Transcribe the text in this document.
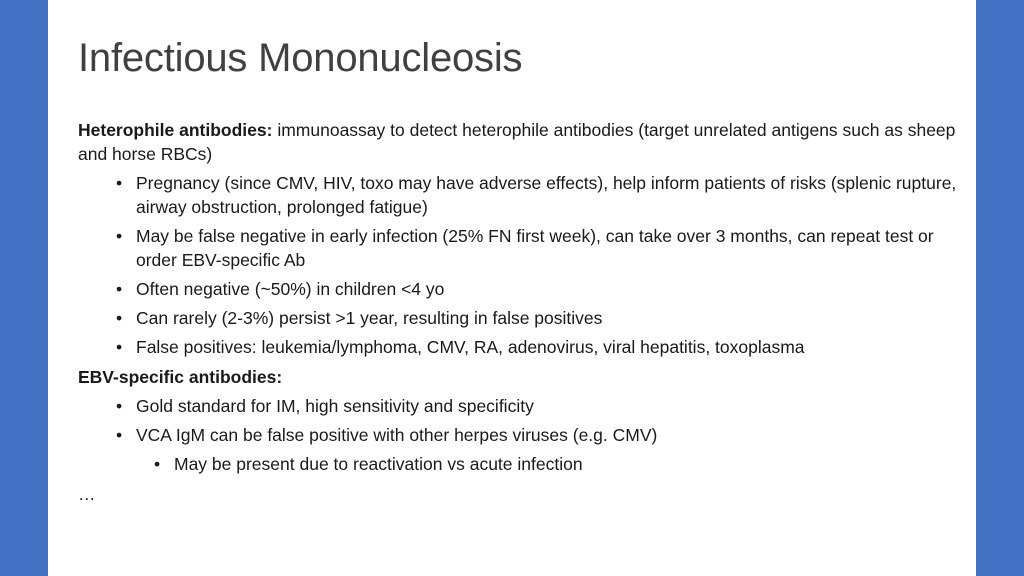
Infectious Mononucleosis

Heterophile antibodies: immunoassay to detect heterophile antibodies (target unrelated antigens such as sheep and horse RBCs)

• Pregnancy (since CMV, HIV, toxo may have adverse effects), help inform patients of risks (splenic rupture, airway obstruction, prolonged fatigue)
• May be false negative in early infection (25% FN first week), can take over 3 months, can repeat test or order EBV-specific Ab
• Often negative (~50%) in children <4 yo
• Can rarely (2-3%) persist >1 year, resulting in false positives
• False positives: leukemia/lymphoma, CMV, RA, adenovirus, viral hepatitis, toxoplasma

EBV-specific antibodies:

• Gold standard for IM, high sensitivity and specificity
• VCA IgM can be false positive with other herpes viruses (e.g. CMV)
• May be present due to reactivation vs acute infection

…
